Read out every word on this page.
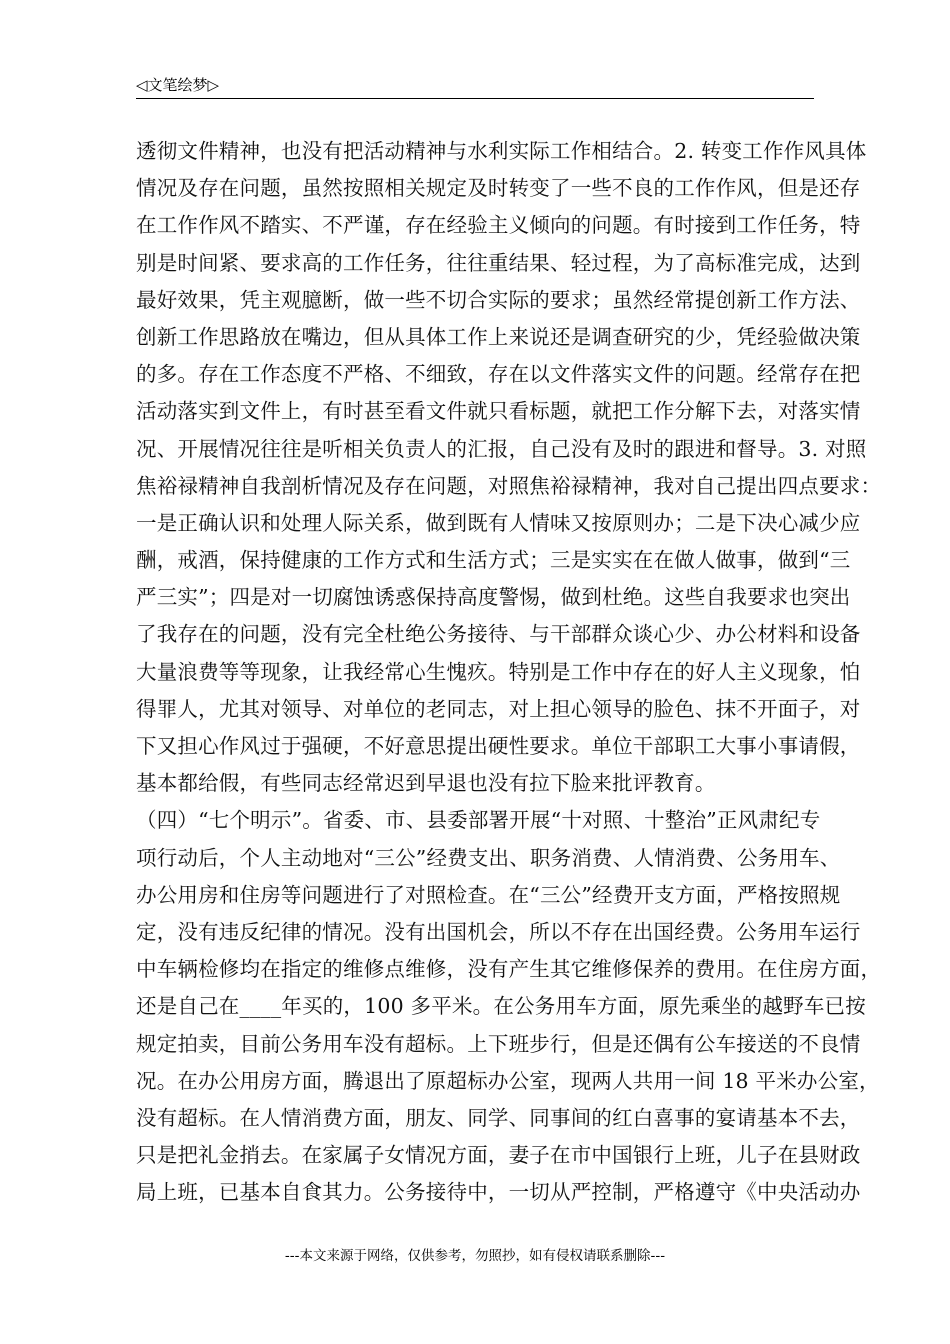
◁文笔绘梦▷
透彻文件精神，也没有把活动精神与水利实际工作相结合。2. 转变工作作风具体
情况及存在问题，虽然按照相关规定及时转变了一些不良的工作作风，但是还存
在工作作风不踏实、不严谨，存在经验主义倾向的问题。有时接到工作任务，特
别是时间紧、要求高的工作任务，往往重结果、轻过程，为了高标准完成，达到
最好效果，凭主观臆断，做一些不切合实际的要求；虽然经常提创新工作方法、
创新工作思路放在嘴边，但从具体工作上来说还是调查研究的少，凭经验做决策
的多。存在工作态度不严格、不细致，存在以文件落实文件的问题。经常存在把
活动落实到文件上，有时甚至看文件就只看标题，就把工作分解下去，对落实情
况、开展情况往往是听相关负责人的汇报，自己没有及时的跟进和督导。3. 对照
焦裕禄精神自我剖析情况及存在问题，对照焦裕禄精神，我对自己提出四点要求：
一是正确认识和处理人际关系，做到既有人情味又按原则办；二是下决心减少应
酬，戒酒，保持健康的工作方式和生活方式；三是实实在在做人做事，做到“三
严三实”；四是对一切腐蚀诱惑保持高度警惕，做到杜绝。这些自我要求也突出
了我存在的问题，没有完全杜绝公务接待、与干部群众谈心少、办公材料和设备
大量浪费等等现象，让我经常心生愧疚。特别是工作中存在的好人主义现象，怕
得罪人，尤其对领导、对单位的老同志，对上担心领导的脸色、抹不开面子，对
下又担心作风过于强硬，不好意思提出硬性要求。单位干部职工大事小事请假，
基本都给假，有些同志经常迟到早退也没有拉下脸来批评教育。
（四）“七个明示”。省委、市、县委部署开展“十对照、十整治”正风肃纪专
项行动后，个人主动地对“三公”经费支出、职务消费、人情消费、公务用车、
办公用房和住房等问题进行了对照检查。在“三公”经费开支方面，严格按照规
定，没有违反纪律的情况。没有出国机会，所以不存在出国经费。公务用车运行
中车辆检修均在指定的维修点维修，没有产生其它维修保养的费用。在住房方面，
还是自己在____年买的，100 多平米。在公务用车方面，原先乘坐的越野车已按
规定拍卖，目前公务用车没有超标。上下班步行，但是还偶有公车接送的不良情
况。在办公用房方面，腾退出了原超标办公室，现两人共用一间 18 平米办公室，
没有超标。在人情消费方面，朋友、同学、同事间的红白喜事的宴请基本不去，
只是把礼金捎去。在家属子女情况方面，妻子在市中国银行上班，儿子在县财政
局上班，已基本自食其力。公务接待中，一切从严控制，严格遵守《中央活动办
---本文来源于网络，仅供参考，勿照抄，如有侵权请联系删除---
